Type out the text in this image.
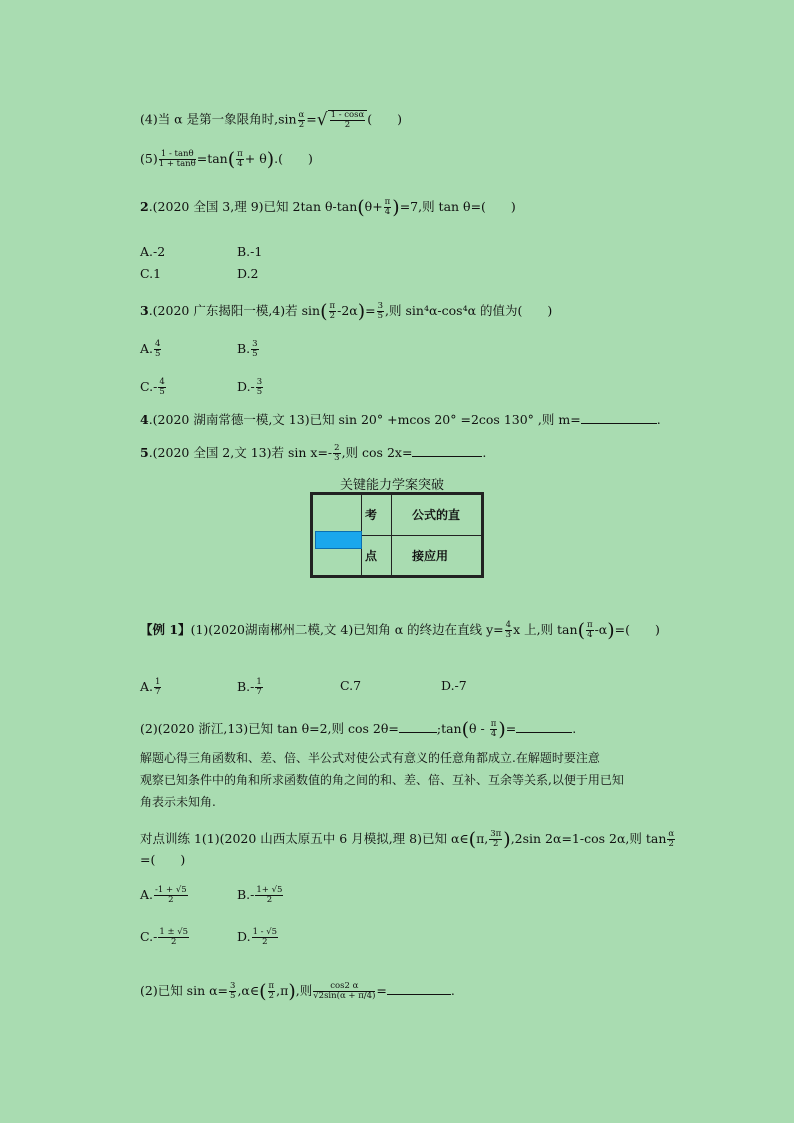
(4)当 α 是第一象限角时$,\sin \frac{\alpha}{2}$ =√ $\frac{1 - \cos\alpha}{2}$ (　　)
$(5) \frac{1 - \tan\theta}{1 + \tan\theta} =\tan( \frac{\pi}{4} + \theta)$.(　　)
2.(2020 全国 3,理 9)已知 2tan $\theta-\tan(\theta+ \frac{\pi}{4} )=7$,则 tan θ=(　　)
A.-2	B.-1
C.1	D.2
3.(2020 广东揭阳一模,4)若 $\sin( \frac{\pi}{2} -2\alpha)= \frac{3}{5}$ ,则 sin⁴α-cos⁴α 的值为(　　)
A. $\frac{4}{5}$	B. $\frac{3}{5}$
$C.- \frac{4}{5}$	$D.- \frac{3}{5}$
4.(2020 湖南常德一模,文 13)已知 sin 20° +mcos 20° =2cos 130° ,则 m=	.
5.(2020 全国 2,文 13)若 $\sin x=- \frac{2}{3}$ ,则 cos 2x=	.
关键能力学案突破
	考	公式的直
	点	接应用
【例 1】(1)(2020湖南郴州二模,文 4)已知角 α 的终边在直线 $y= \frac{4}{3}$ x 上,则 $\tan( \frac{\pi}{4} -\alpha)=$(　　)
A. $\frac{1}{7}$	$B.- \frac{1}{7}$	C.7	D.-7
(2)(2020 浙江,13)已知 tan θ=2,则 cos 2θ=	;tan(θ - $\frac{\pi}{4}$ )=	.
解题心得三角函数和、差、倍、半公式对使公式有意义的任意角都成立.在解题时要注意
观察已知条件中的角和所求函数值的角之间的和、差、倍、互补、互余等关系,以便于用已知
角表示未知角.
对点训练 1(1)(2020 山西太原五中 6 月模拟,理 8)已知 α∈(π, $\frac{3\pi}{2} ),2\sin$ 2α=1-cos 2α,则 $\tan \frac{\alpha}{2}$
=(　　)
A. $\frac{-1 + √5}{2}$	$B.- \frac{1+ √5}{2}$
$C.- \frac{1 \pm √5}{2}$	D. $\frac{1 - √5}{2}$
(2)已知 $\sin \alpha= \frac{3}{5}$ ,α∈( $\frac{\pi}{2} ,\pi$),则 $\frac{\cos 2 \alpha}{√2\sin(\alpha + \pi/4)}$ =	.
